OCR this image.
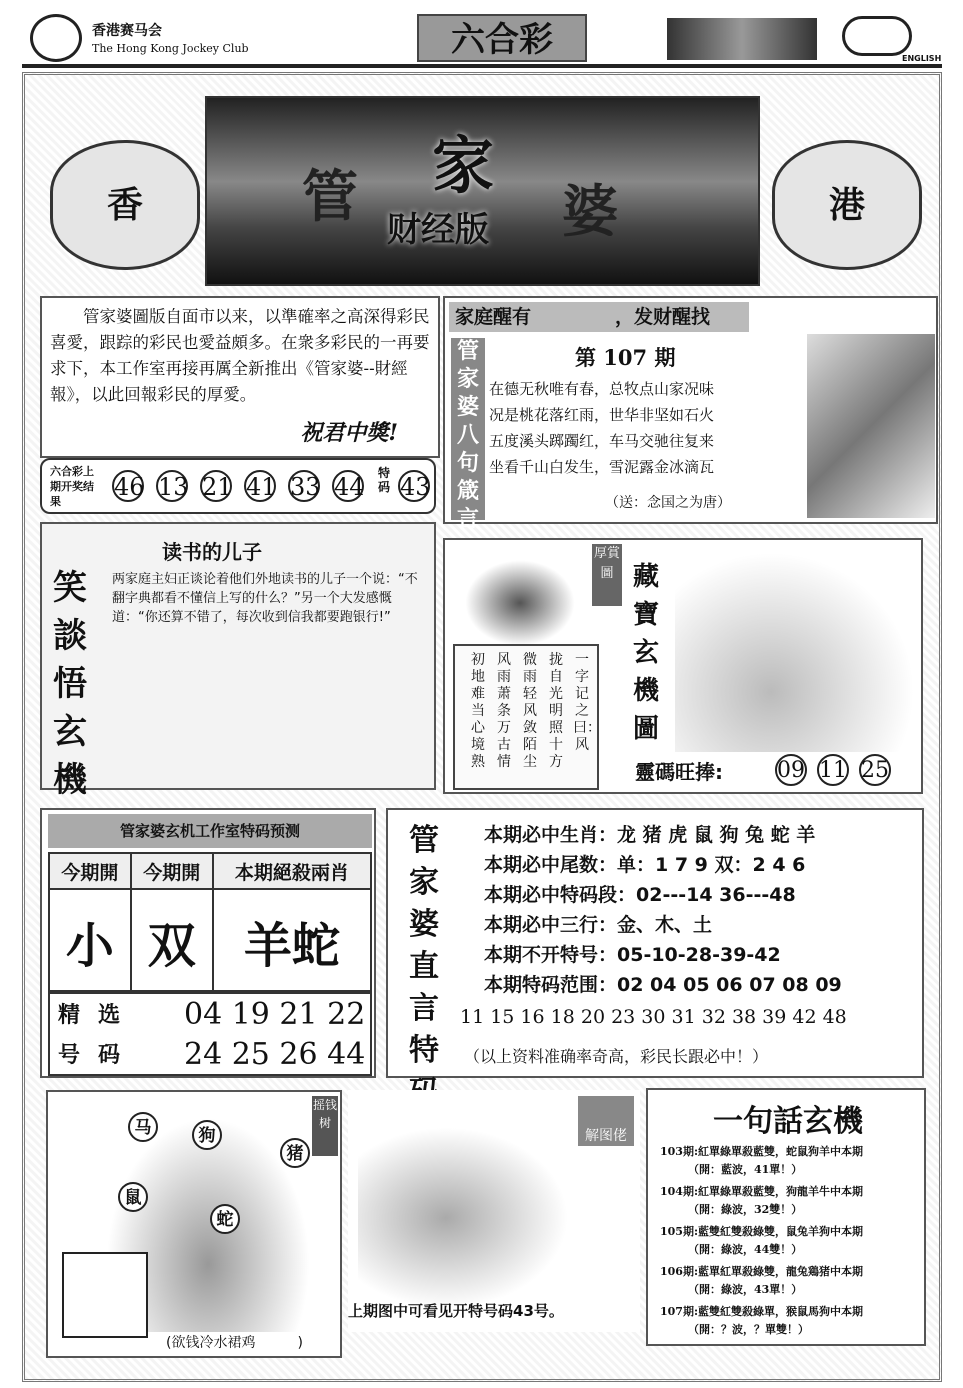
香港赛马会
The Hong Kong Jockey Club	六合彩	ENGLISH
香	港
管 家
婆
财经版

管家婆圖版自面市以来，以準確率之高深得彩民喜愛，跟踪的彩民也愛益頗多。在衆多彩民的一再要求下，本工作室再接再厲全新推出《管家婆--財經報》，以此回報彩民的厚愛。

祝君中獎!
六合彩上期开奖结果
46 13 21 41 33 44 特码 43
家庭醒有	，发财醒找
管家婆八句箴言
第 107 期
在德无秋唯有春，总牧点山家况味
况是桃花落红雨，世华非坚如石火
五度溪头踯躅红，车马交驰往复来
坐看千山白发生，雪泥露金冰滴瓦
（送：念国之为唐）
笑談悟玄機
读书的儿子
两家庭主妇正谈论着他们外地读书的儿子一个说：“不翻字典都看不懂信上写的什么？”另一个大发感慨道：“你还算不错了，每次收到信我都要跑银行!”
厚賞圖
一字记之曰：风
拢自光明照十方
微雨轻风敛陌尘
风雨萧条万古情
初地难当心境熟
藏寶玄機圖
靈碼旺捧: 09 11 25
管家婆玄机工作室特码预测
今期開	今期開	本期絕殺兩肖
小	双	羊蛇
精选号码
04 19 21 22
24 25 26 44
管家婆直言特
本期必中生肖：龙 猪 虎 鼠 狗 兔 蛇 羊
本期必中尾数：单：1 7 9 双：2 4 6
本期必中特码段：02---14 36---48
本期必中三行：金、木、土
本期不开特号：05-10-28-39-42
本期特码范围：02 04 05 06 07 08 09
11 15 16 18 20 23 30 31 32 38 39 42 48
（以上资料准确率奇高，彩民长跟必中！）
摇钱树
马	狗
猪
鼠
蛇
(欲钱冷水裙鸡　　　)
解图佬
上期图中可看见开特号码43号。
一句話玄機
103期:紅單綠單殺藍雙，蛇鼠狗羊中本期
（開：藍波，41單！）
104期:紅單綠單殺藍雙，狗龍羊牛中本期
（開：綠波，32雙！）
105期:藍雙紅雙殺綠雙，鼠兔羊狗中本期
（開：綠波，44雙！）
106期:藍單紅單殺綠雙，龍兔鶏猪中本期
（開：綠波，43單！）
107期:藍雙紅雙殺綠單，猴鼠馬狗中本期
（開：？波，？單雙！）
